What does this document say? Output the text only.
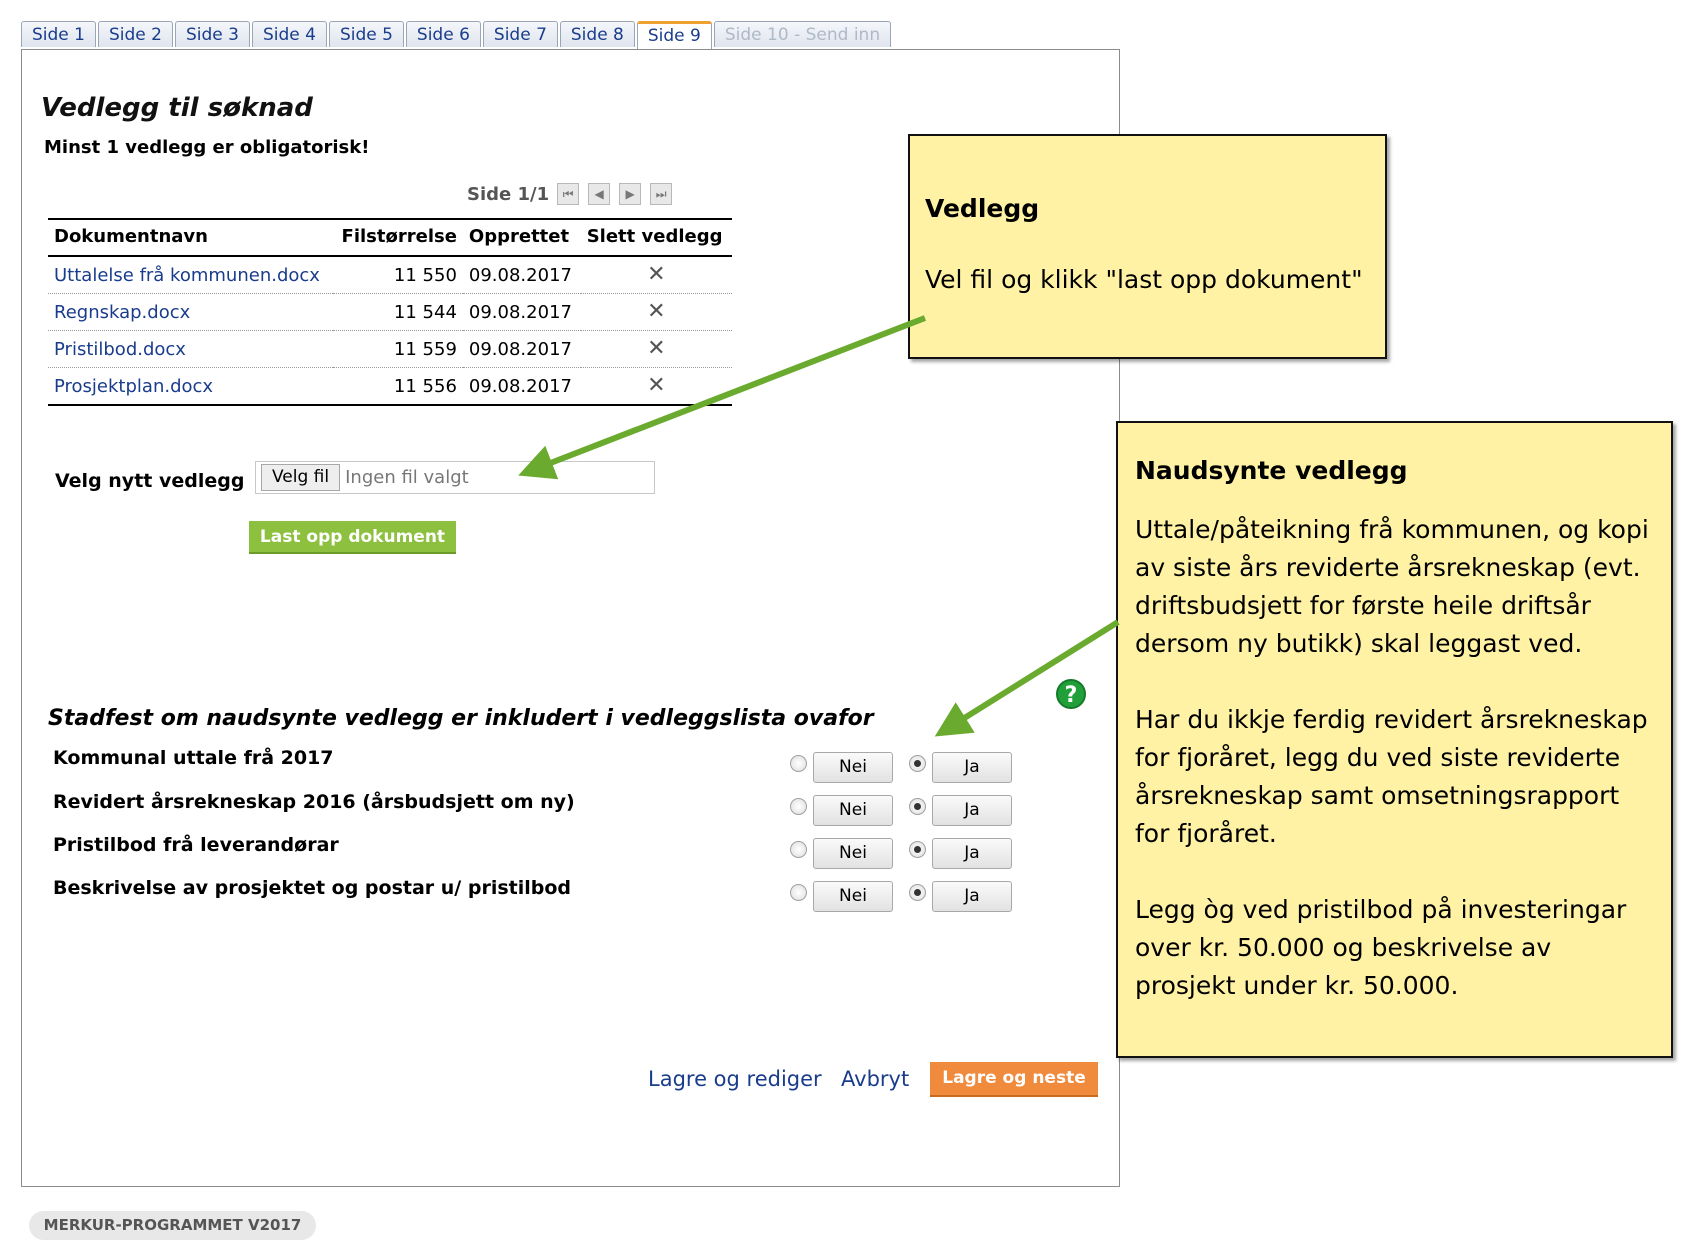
Side 1	Side 2	Side 3	Side 4	Side 5	Side 6	Side 7	Side 8	Side 9	Side 10 - Send inn
Vedlegg til søknad
Minst 1 vedlegg er obligatorisk!
Side 1/1	⏮	◀	▶	⏭
Dokumentnavn	Filstørrelse	Opprettet	Slett vedlegg
Uttalelse frå kommunen.docx	11 550	09.08.2017	✕
Regnskap.docx	11 544	09.08.2017	✕
Pristilbod.docx	11 559	09.08.2017	✕
Prosjektplan.docx	11 556	09.08.2017	✕
Velg nytt vedlegg	Velg fil Ingen fil valgt
Last opp dokument
?
Stadfest om naudsynte vedlegg er inkludert i vedleggslista ovafor
Kommunal uttale frå 2017	Nei	Ja
Revidert årsrekneskap 2016 (årsbudsjett om ny)	Nei	Ja
Pristilbod frå leverandørar	Nei	Ja
Beskrivelse av prosjektet og postar u/ pristilbod	Nei	Ja
Lagre og rediger Avbryt	Lagre og neste
MERKUR-PROGRAMMET V2017
Vedlegg

Vel fil og klikk "last opp dokument"

Naudsynte vedlegg

Uttale/påteikning frå kommunen, og kopi av siste års reviderte årsrekneskap (evt. driftsbudsjett for første heile driftsår dersom ny butikk) skal leggast ved.

Har du ikkje ferdig revidert årsrekneskap for fjoråret, legg du ved siste reviderte årsrekneskap samt omsetningsrapport for fjoråret.

Legg òg ved pristilbod på investeringar over kr. 50.000 og beskrivelse av prosjekt under kr. 50.000.
